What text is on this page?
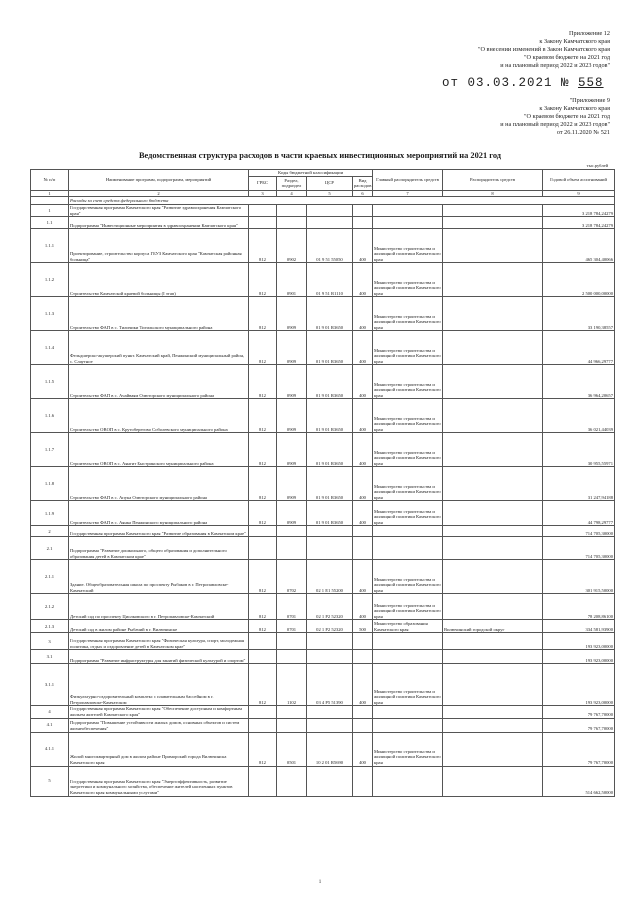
Приложение 12
к Закону Камчатского края
"О внесении изменений в Закон Камчатского края
"О краевом бюджете на 2021 год
и на плановый период 2022 и 2023 годов"
от 03.03.2021 № 558
"Приложение 9
к Закону Камчатского края
"О краевом бюджете на 2021 год
и на плановый период 2022 и 2023 годов"
от 26.11.2020 № 521
Ведомственная структура расходов в части краевых инвестиционных мероприятий на 2021 год
тыс.рублей
№ п/п	Наименование программ, подпрограмм, мероприятий	Коды бюджетной классификации				Главный распорядитель средств	Распорядитель средств	Годовой объем ассигнований
		ГРБС	Раздел, подраздел	ЦСР	Вид расходов			
1	2	3	4	5	6	7	8	9
	Расходы за счет средств федерального бюджета							
1	Государственная программа Камчатского края "Развитие здравоохранения Камчатского края"							3 218 784,24279
1.1	Подпрограмма "Инвестиционные мероприятия в здравоохранении Камчатского края"							3 218 784,24279
1.1.1	Проектирование, строительство корпуса ГБУЗ Камчатского края "Камчатская районная больница"	812	0902	01 9 51 55050	400	Министерство строительства и жилищной политики Камчатского края		465 304,40066
1.1.2	Строительство Камчатской краевой больницы (I этап)	812	0901	01 9 51 R1110	400	Министерство строительства и жилищной политики Камчатского края		2 500 000,00000
1.1.3	Строительство ФАП в с. Тиличики Тигильского муниципального района	812	0909	01 9 01 R3650	400	Министерство строительства и жилищной политики Камчатского края		33 190,38557
1.1.4	Фельдшерско-акушерский пункт. Камчатский край, Пенжинский муниципальный район, с. Слаутное	812	0909	01 9 01 R3650	400	Министерство строительства и жилищной политики Камчатского края		44 966,29777
1.1.5	Строительство ФАП в с. Ачайваям Олюторского муниципального района	812	0909	01 9 01 R3650	400	Министерство строительства и жилищной политики Камчатского края		36 964,20657
1.1.6	Строительство ОВОП в с. Крутоберегово Соболевского муниципального района	812	0909	01 9 01 R3650	400	Министерство строительства и жилищной политики Камчатского края		36 021,44039
1.1.7	Строительство ОВОП в с. Аянгит Быстринского муниципального района	812	0909	01 9 01 R3650	400	Министерство строительства и жилищной политики Камчатского края		30 955,55971
1.1.8	Строительство ФАП в с. Апука Олюторского муниципального района	812	0909	01 9 01 R3650	400	Министерство строительства и жилищной политики Камчатского края		31 247,94188
1.1.9	Строительство ФАП в с. Аянка Пенжинского муниципального района	812	0909	01 9 01 R3650	400	Министерство строительства и жилищной политики Камчатского края		44 798,29777
2	Государственная программа Камчатского края "Развитие образования в Камчатском крае"							714 705,30000
2.1	Подпрограмма "Развитие дошкольного, общего образования и дополнительного образования детей в Камчатском крае"							714 705,30000
2.1.1	Здание. Общеобразовательная школа по проспекту Рыбаков в г. Петропавловске-Камчатский	812	0702	02 1 E1 55200	400	Министерство строительства и жилищной политики Камчатского края		301 915,50000
2.1.2	Детский сад по проспекту Циолковского в г. Петропавловске-Камчатский	812	0701	02 1 P2 52320	400	Министерство строительства и жилищной политики Камчатского края		78 208,86100
2.1.3	Детский сад в жилом районе Рыбачий в г. Вилючинске	812	0701	02 1 P2 52320	500	Министерство образования Камчатского края	Вилючинский городской округ	334 581,93900
3	Государственная программа Камчатского края "Физическая культура, спорт, молодежная политика, отдых и оздоровление детей в Камчатском крае"							193 923,00000
3.1	Подпрограмма "Развитие инфраструктуры для занятий физической культурой и спортом"							193 923,00000
3.1.1	Физкультурно-оздоровительный комплекс с плавательным бассейном в г. Петропавловске-Камчатском	812	1102	03 4 P5 51390	400	Министерство строительства и жилищной политики Камчатского края		193 923,00000
4	Государственная программа Камчатского края "Обеспечение доступным и комфортным жильем жителей Камчатского края"							79 767,70000
4.1	Подпрограмма "Повышение устойчивости жилых домов, основных объектов и систем жизнеобеспечения"							79 767,70000
4.1.1	Жилой многоквартирный дом в жилом районе Приморский города Вилючинска Камчатского края	812	0501	10 2 01 R5690	400	Министерство строительства и жилищной политики Камчатского края		79 767,70000
5	Государственная программа Камчатского края "Энергоэффективность, развитие энергетики и коммунального хозяйства, обеспечение жителей населенных пунктов Камчатского края коммунальными услугами"							514 662,50000
1
